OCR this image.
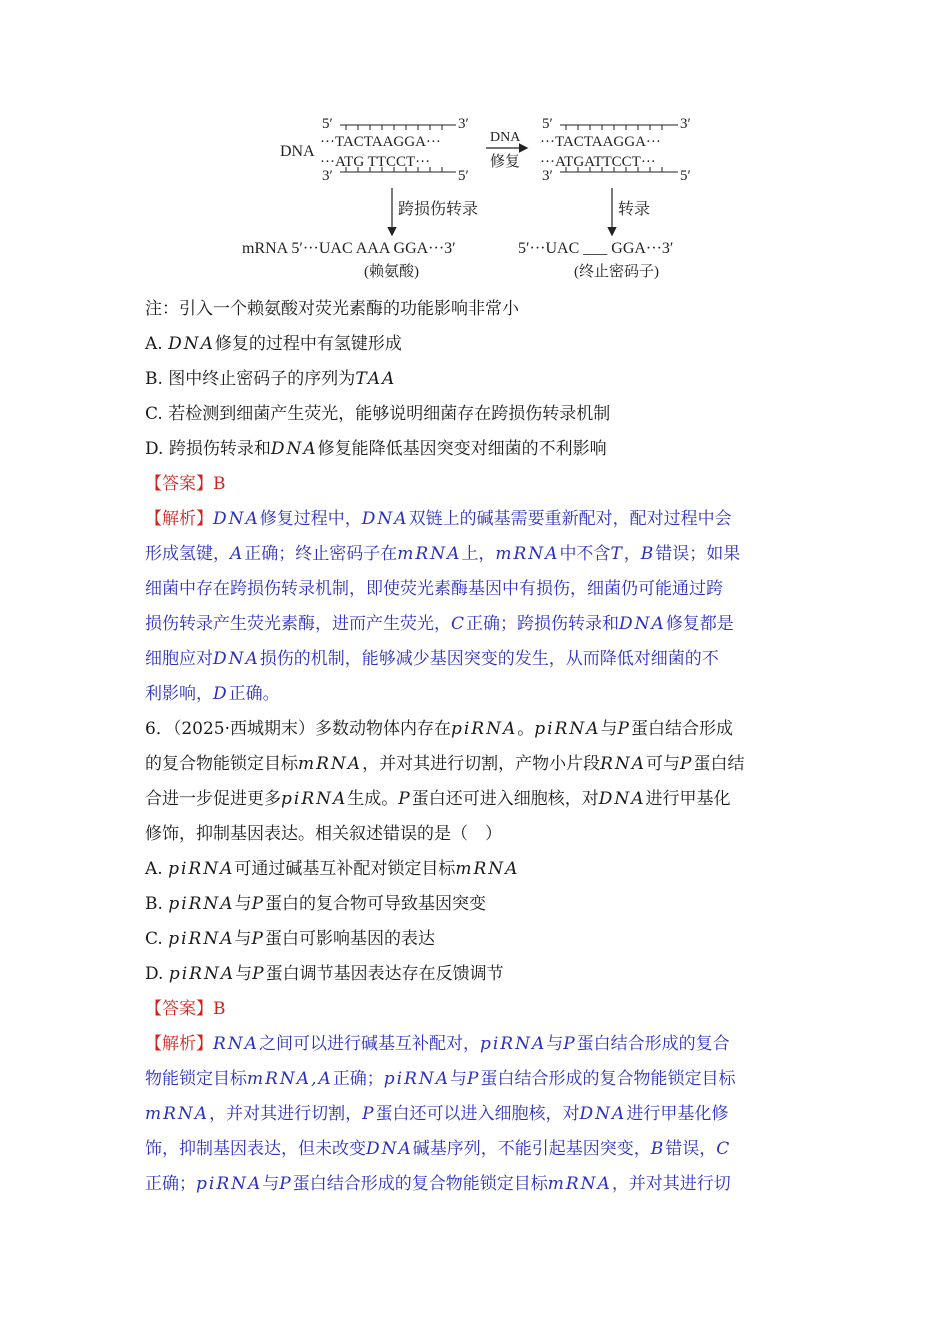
DNA
5′	3′
···TACTAAGGA···
···ATG TTCCT···
3′	5′
DNA
修复
5′	3′
···TACTAAGGA···
···ATGATTCCT···
3′	5′
跨损伤转录	转录
mRNA 5′···UAC AAA GGA···3′
(赖氨酸)
5′···UAC ___ GGA···3′
(终止密码子)
注：引入一个赖氨酸对荧光素酶的功能影响非常小
A. DNA修复的过程中有氢键形成
B. 图中终止密码子的序列为TAA
C. 若检测到细菌产生荧光，能够说明细菌存在跨损伤转录机制
D. 跨损伤转录和DNA修复能降低基因突变对细菌的不利影响
【答案】B
【解析】DNA修复过程中，DNA双链上的碱基需要重新配对，配对过程中会
形成氢键，A正确；终止密码子在mRNA上，mRNA中不含T，B错误；如果
细菌中存在跨损伤转录机制，即使荧光素酶基因中有损伤，细菌仍可能通过跨
损伤转录产生荧光素酶，进而产生荧光，C正确；跨损伤转录和DNA修复都是
细胞应对DNA损伤的机制，能够减少基因突变的发生，从而降低对细菌的不
利影响，D正确。
6．（2025·西城期末）多数动物体内存在piRNA。piRNA与P蛋白结合形成
的复合物能锁定目标mRNA，并对其进行切割，产物小片段RNA可与P蛋白结
合进一步促进更多piRNA生成。P蛋白还可进入细胞核，对DNA进行甲基化
修饰，抑制基因表达。相关叙述错 ·误 ·的是（　）
A. piRNA可通过碱基互补配对锁定目标mRNA
B. piRNA与P蛋白的复合物可导致基因突变
C. piRNA与P蛋白可影响基因的表达
D. piRNA与P蛋白调节基因表达存在反馈调节
【答案】B
【解析】RNA之间可以进行碱基互补配对，piRNA与P蛋白结合形成的复合
物能锁定目标mRNA,A正确；piRNA与P蛋白结合形成的复合物能锁定目标
mRNA，并对其进行切割，P蛋白还可以进入细胞核，对DNA进行甲基化修
饰，抑制基因表达，但未改变DNA碱基序列，不能引起基因突变，B错误，C
正确；piRNA与P蛋白结合形成的复合物能锁定目标mRNA，并对其进行切
